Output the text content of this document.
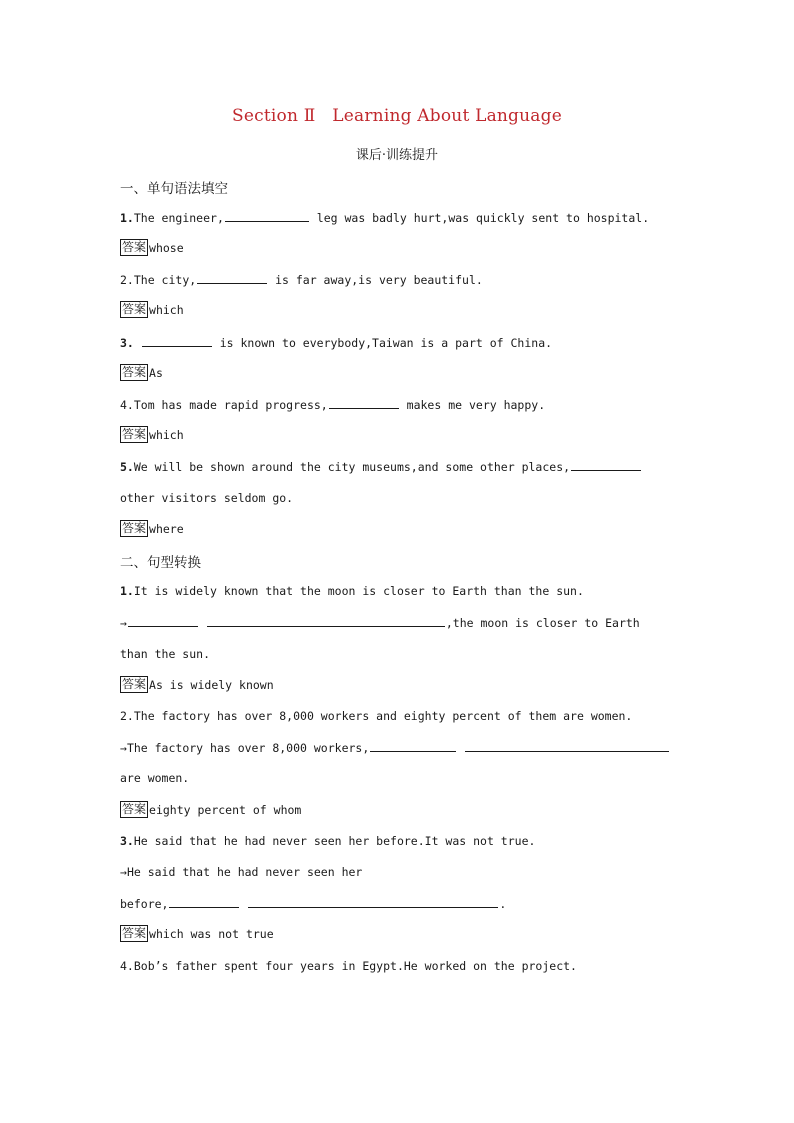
Section Ⅱ   Learning About Language
课后·训练提升
一、单句语法填空
1.The engineer,	leg was badly hurt,was quickly sent to hospital.
答案 whose
2.The city,	is far away,is very beautiful.
答案 which
3.	is known to everybody,Taiwan is a part of China.
答案 As
4.Tom has made rapid progress,	makes me very happy.
答案 which
5.We will be shown around the city museums,and some other places,
other visitors seldom go.
答案 where
二、句型转换
1.It is widely known that the moon is closer to Earth than the sun.
→	,the moon is closer to Earth
than the sun.
答案 As is widely known
2.The factory has over 8,000 workers and eighty percent of them are women.
→The factory has over 8,000 workers,
are women.
答案 eighty percent of whom
3.He said that he had never seen her before.It was not true.
→He said that he had never seen her
before,	.
答案 which was not true
4.Bob’s father spent four years in Egypt.He worked on the project.
